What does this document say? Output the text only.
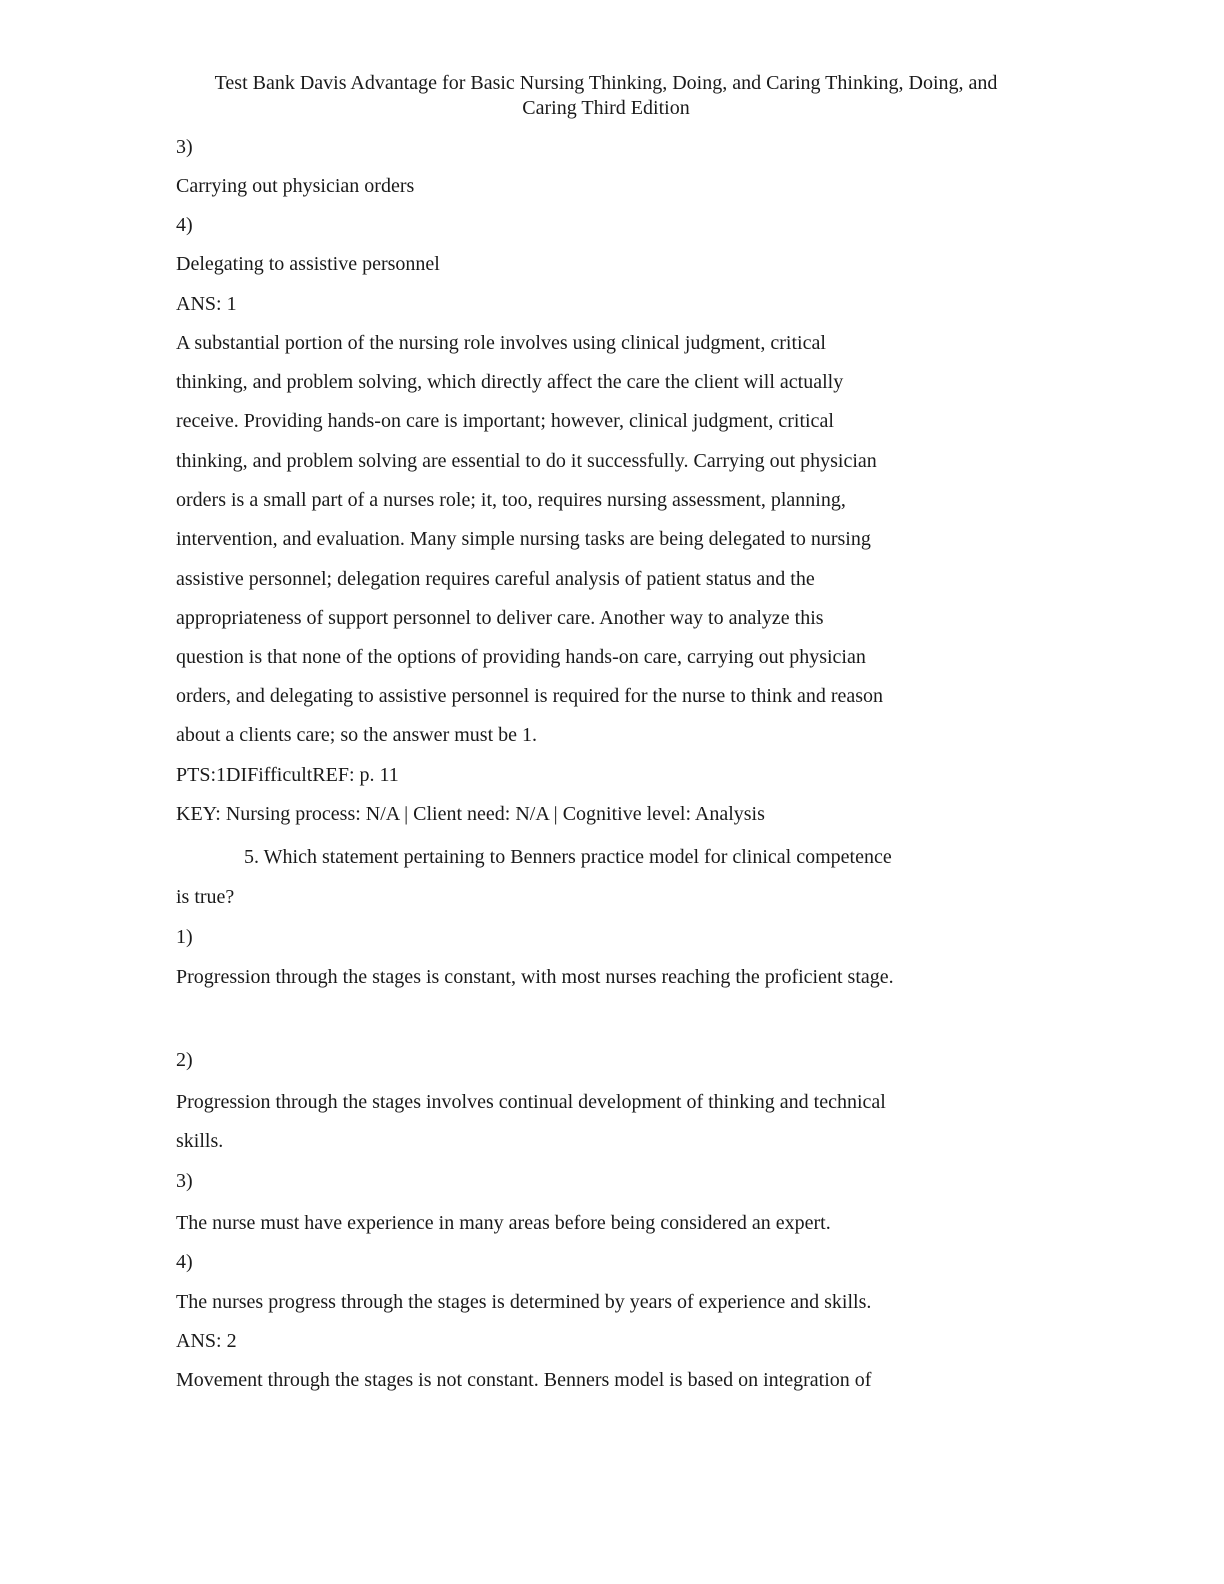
Test Bank Davis Advantage for Basic Nursing Thinking, Doing, and Caring Thinking, Doing, and
Caring Third Edition
3)
Carrying out physician orders
4)
Delegating to assistive personnel
ANS: 1
A substantial portion of the nursing role involves using clinical judgment, critical
thinking, and problem solving, which directly affect the care the client will actually
receive. Providing hands-on care is important; however, clinical judgment, critical
thinking, and problem solving are essential to do it successfully. Carrying out physician
orders is a small part of a nurses role; it, too, requires nursing assessment, planning,
intervention, and evaluation. Many simple nursing tasks are being delegated to nursing
assistive personnel; delegation requires careful analysis of patient status and the
appropriateness of support personnel to deliver care. Another way to analyze this
question is that none of the options of providing hands-on care, carrying out physician
orders, and delegating to assistive personnel is required for the nurse to think and reason
about a clients care; so the answer must be 1.
PTS:1DIFifficultREF: p. 11
KEY: Nursing process: N/A | Client need: N/A | Cognitive level: Analysis
5. Which statement pertaining to Benners practice model for clinical competence
is true?
1)
Progression through the stages is constant, with most nurses reaching the proficient stage.
2)
Progression through the stages involves continual development of thinking and technical
skills.
3)
The nurse must have experience in many areas before being considered an expert.
4)
The nurses progress through the stages is determined by years of experience and skills.
ANS: 2
Movement through the stages is not constant. Benners model is based on integration of
